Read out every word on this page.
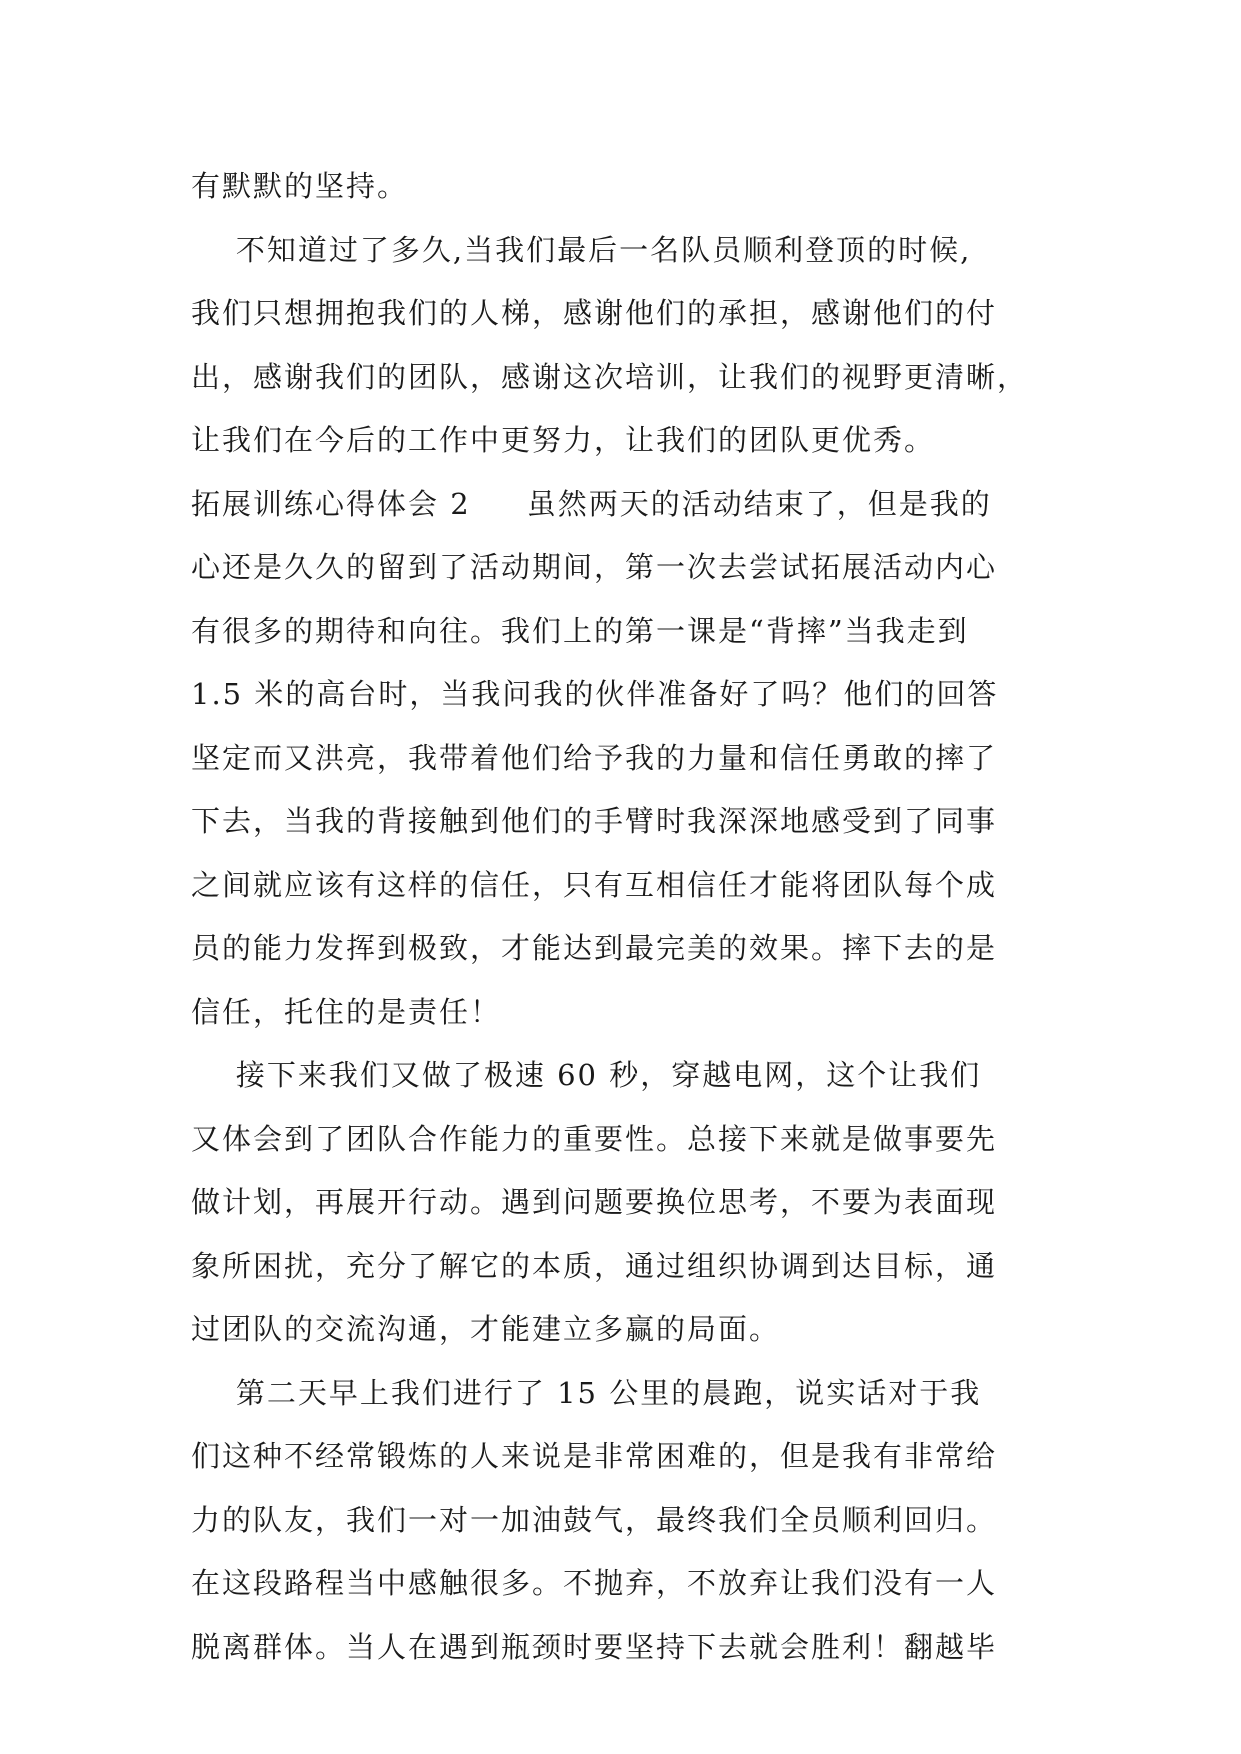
有默默的坚持。
不知道过了多久,当我们最后一名队员顺利登顶的时候,
我们只想拥抱我们的人梯，感谢他们的承担，感谢他们的付
出，感谢我们的团队，感谢这次培训，让我们的视野更清晰，
让我们在今后的工作中更努力，让我们的团队更优秀。
拓展训练心得体会 2     虽然两天的活动结束了，但是我的
心还是久久的留到了活动期间，第一次去尝试拓展活动内心
有很多的期待和向往。我们上的第一课是“背摔”当我走到
1.5 米的高台时，当我问我的伙伴准备好了吗？他们的回答
坚定而又洪亮，我带着他们给予我的力量和信任勇敢的摔了
下去，当我的背接触到他们的手臂时我深深地感受到了同事
之间就应该有这样的信任，只有互相信任才能将团队每个成
员的能力发挥到极致，才能达到最完美的效果。摔下去的是
信任，托住的是责任！
接下来我们又做了极速 60 秒，穿越电网，这个让我们
又体会到了团队合作能力的重要性。总接下来就是做事要先
做计划，再展开行动。遇到问题要换位思考，不要为表面现
象所困扰，充分了解它的本质，通过组织协调到达目标，通
过团队的交流沟通，才能建立多赢的局面。
第二天早上我们进行了 15 公里的晨跑，说实话对于我
们这种不经常锻炼的人来说是非常困难的，但是我有非常给
力的队友，我们一对一加油鼓气，最终我们全员顺利回归。
在这段路程当中感触很多。不抛弃，不放弃让我们没有一人
脱离群体。当人在遇到瓶颈时要坚持下去就会胜利！翻越毕
